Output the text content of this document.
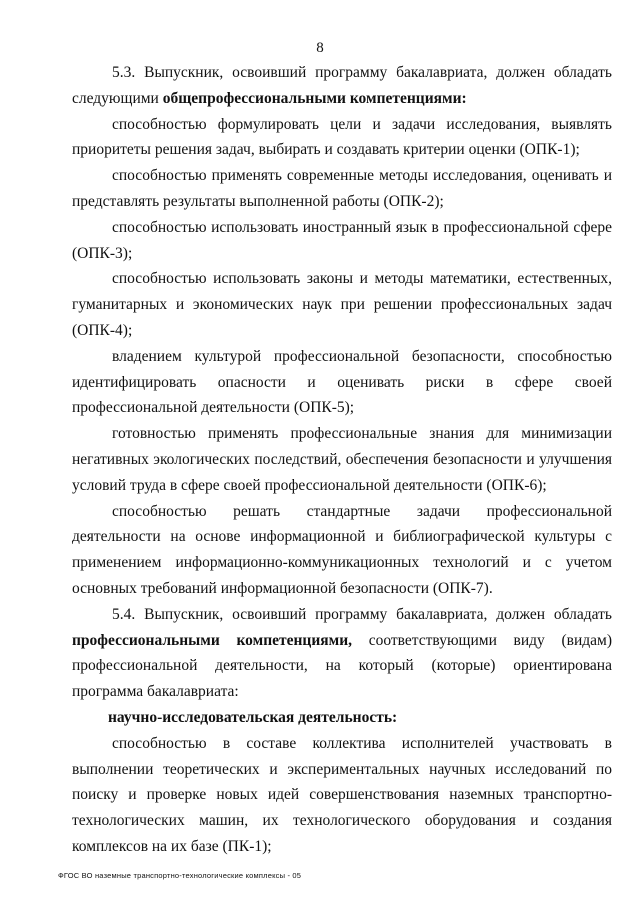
8

5.3. Выпускник, освоивший программу бакалавриата, должен обладать следующими общепрофессиональными компетенциями:

способностью формулировать цели и задачи исследования, выявлять приоритеты решения задач, выбирать и создавать критерии оценки (ОПК-1);

способностью применять современные методы исследования, оценивать и представлять результаты выполненной работы (ОПК-2);

способностью использовать иностранный язык в профессиональной сфере (ОПК-3);

способностью использовать законы и методы математики, естественных, гуманитарных и экономических наук при решении профессиональных задач (ОПК-4);

владением культурой профессиональной безопасности, способностью идентифицировать опасности и оценивать риски в сфере своей профессиональной деятельности (ОПК-5);

готовностью применять профессиональные знания для минимизации негативных экологических последствий, обеспечения безопасности и улучшения условий труда в сфере своей профессиональной деятельности (ОПК-6);

способностью решать стандартные задачи профессиональной деятельности на основе информационной и библиографической культуры с применением информационно-коммуникационных технологий и с учетом основных требований информационной безопасности (ОПК-7).

5.4. Выпускник, освоивший программу бакалавриата, должен обладать профессиональными компетенциями, соответствующими виду (видам) профессиональной деятельности, на который (которые) ориентирована программа бакалавриата:

научно-исследовательская деятельность:

способностью в составе коллектива исполнителей участвовать в выполнении теоретических и экспериментальных научных исследований по поиску и проверке новых идей совершенствования наземных транспортно-технологических машин, их технологического оборудования и создания комплексов на их базе (ПК-1);

ФГОС ВО наземные транспортно-технологические комплексы - 05
